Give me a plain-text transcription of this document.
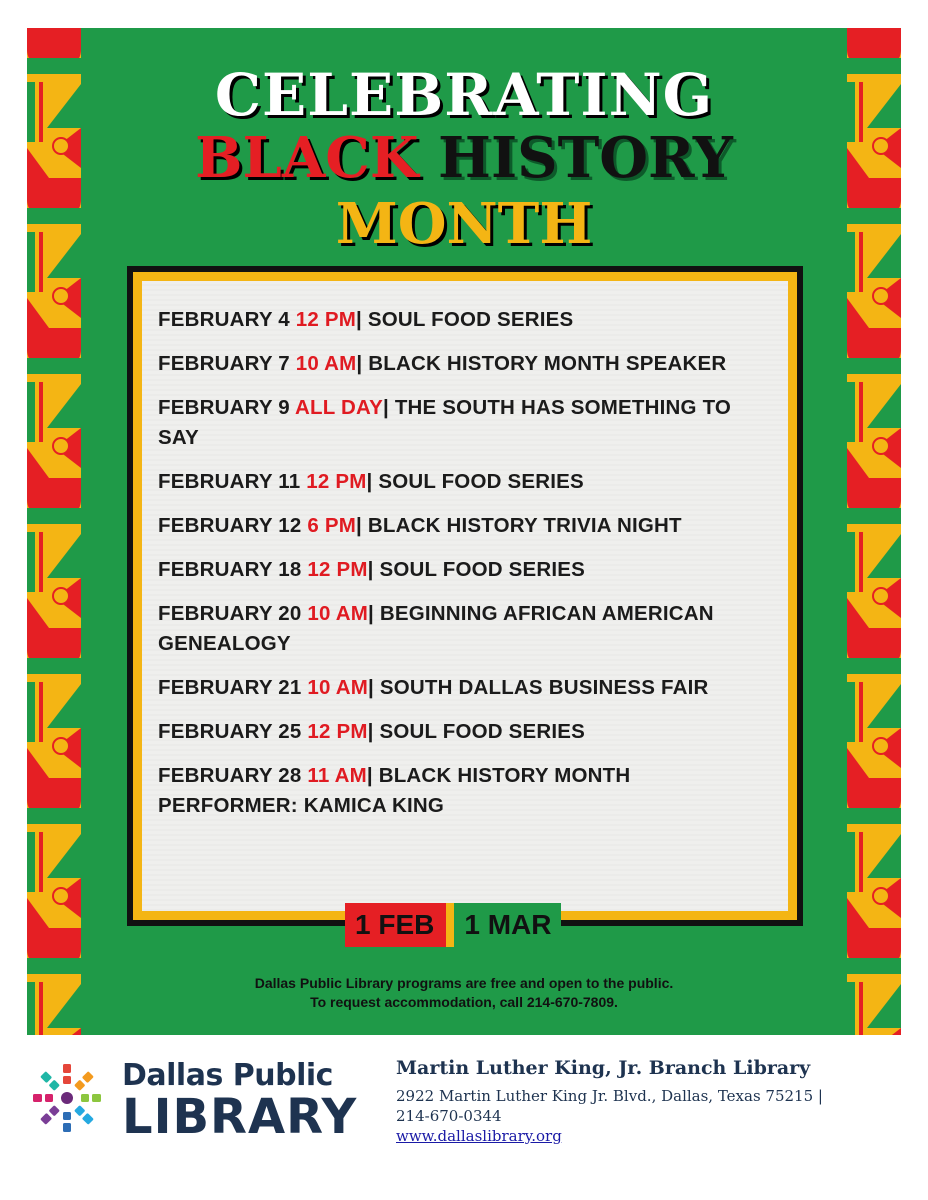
CELEBRATING
BLACK HISTORY
MONTH
FEBRUARY 4 12 PM| SOUL FOOD SERIES
FEBRUARY 7 10 AM| BLACK HISTORY MONTH SPEAKER
FEBRUARY 9 ALL DAY| THE SOUTH HAS SOMETHING TO SAY
FEBRUARY 11 12 PM| SOUL FOOD SERIES
FEBRUARY 12 6 PM| BLACK HISTORY TRIVIA NIGHT
FEBRUARY 18 12 PM| SOUL FOOD SERIES
FEBRUARY 20 10 AM| BEGINNING AFRICAN AMERICAN GENEALOGY
FEBRUARY 21 10 AM| SOUTH DALLAS BUSINESS FAIR
FEBRUARY 25 12 PM| SOUL FOOD SERIES
FEBRUARY 28 11 AM| BLACK HISTORY MONTH PERFORMER: KAMICA KING
1 FEB	1 MAR
Dallas Public Library programs are free and open to the public.
To request accommodation, call 214-670-7809.
Dallas Public
LIBRARY
Martin Luther King, Jr. Branch Library
2922 Martin Luther King Jr. Blvd., Dallas, Texas 75215 |
214-670-0344
www.dallaslibrary.org
